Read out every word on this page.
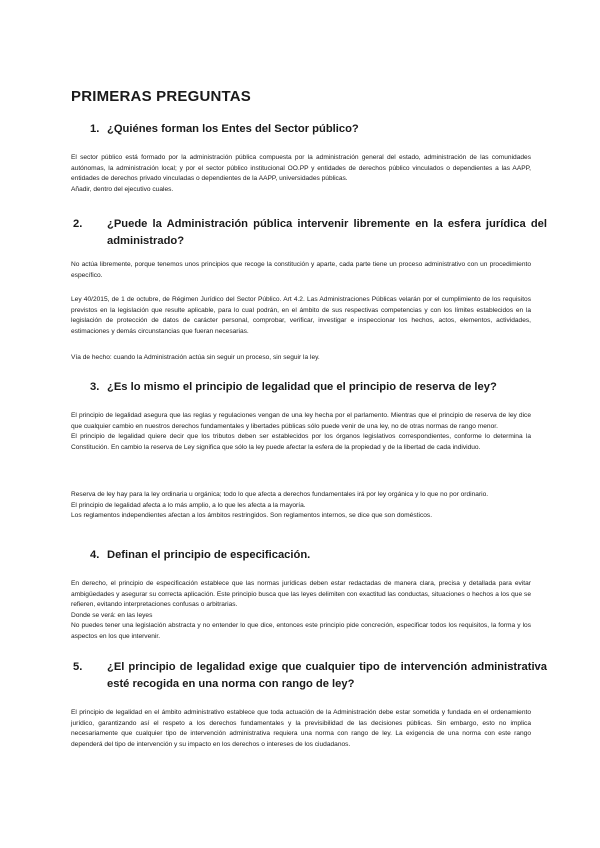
PRIMERAS PREGUNTAS
1. ¿Quiénes forman los Entes del Sector público?
El sector público está formado por la administración pública compuesta por la administración general del estado, administración de las comunidades autónomas, la administración local; y por el sector público institucional OO.PP y entidades de derechos público vinculados o dependientes a las AAPP, entidades de derechos privado vinculadas o dependientes de la AAPP, universidades públicas.
Añadir, dentro del ejecutivo cuales.
2. ¿Puede la Administración pública intervenir libremente en la esfera jurídica del administrado?
No actúa libremente, porque tenemos unos principios que recoge la constitución y aparte, cada parte tiene un proceso administrativo con un procedimiento específico.
Ley 40/2015, de 1 de octubre, de Régimen Jurídico del Sector Público. Art 4.2. Las Administraciones Públicas velarán por el cumplimiento de los requisitos previstos en la legislación que resulte aplicable, para lo cual podrán, en el ámbito de sus respectivas competencias y con los límites establecidos en la legislación de protección de datos de carácter personal, comprobar, verificar, investigar e inspeccionar los hechos, actos, elementos, actividades, estimaciones y demás circunstancias que fueran necesarias.
Vía de hecho: cuando la Administración actúa sin seguir un proceso, sin seguir la ley.
3. ¿Es lo mismo el principio de legalidad que el principio de reserva de ley?
El principio de legalidad asegura que las reglas y regulaciones vengan de una ley hecha por el parlamento. Mientras que el principio de reserva de ley dice que cualquier cambio en nuestros derechos fundamentales y libertades públicas sólo puede venir de una ley, no de otras normas de rango menor.
El principio de legalidad quiere decir que los tributos deben ser establecidos por los órganos legislativos correspondientes, conforme lo determina la Constitución. En cambio la reserva de Ley significa que sólo la ley puede afectar la esfera de la propiedad y de la libertad de cada individuo.
Reserva de ley hay para la ley ordinaria u orgánica; todo lo que afecta a derechos fundamentales irá por ley orgánica y lo que no por ordinario.
El principio de legalidad afecta a lo más amplio, a lo que les afecta a la mayoría.
Los reglamentos independientes afectan a los ámbitos restringidos. Son reglamentos internos, se dice que son domésticos.
4. Definan el principio de especificación.
En derecho, el principio de especificación establece que las normas jurídicas deben estar redactadas de manera clara, precisa y detallada para evitar ambigüedades y asegurar su correcta aplicación. Este principio busca que las leyes delimiten con exactitud las conductas, situaciones o hechos a los que se refieren, evitando interpretaciones confusas o arbitrarias.
Donde se verá: en las leyes
No puedes tener una legislación abstracta y no entender lo que dice, entonces este principio pide concreción, especificar todos los requisitos, la forma y los aspectos en los que intervenir.
5. ¿El principio de legalidad exige que cualquier tipo de intervención administrativa esté recogida en una norma con rango de ley?
El principio de legalidad en el ámbito administrativo establece que toda actuación de la Administración debe estar sometida y fundada en el ordenamiento jurídico, garantizando así el respeto a los derechos fundamentales y la previsibilidad de las decisiones públicas. Sin embargo, esto no implica necesariamente que cualquier tipo de intervención administrativa requiera una norma con rango de ley. La exigencia de una norma con este rango dependerá del tipo de intervención y su impacto en los derechos o intereses de los ciudadanos.
